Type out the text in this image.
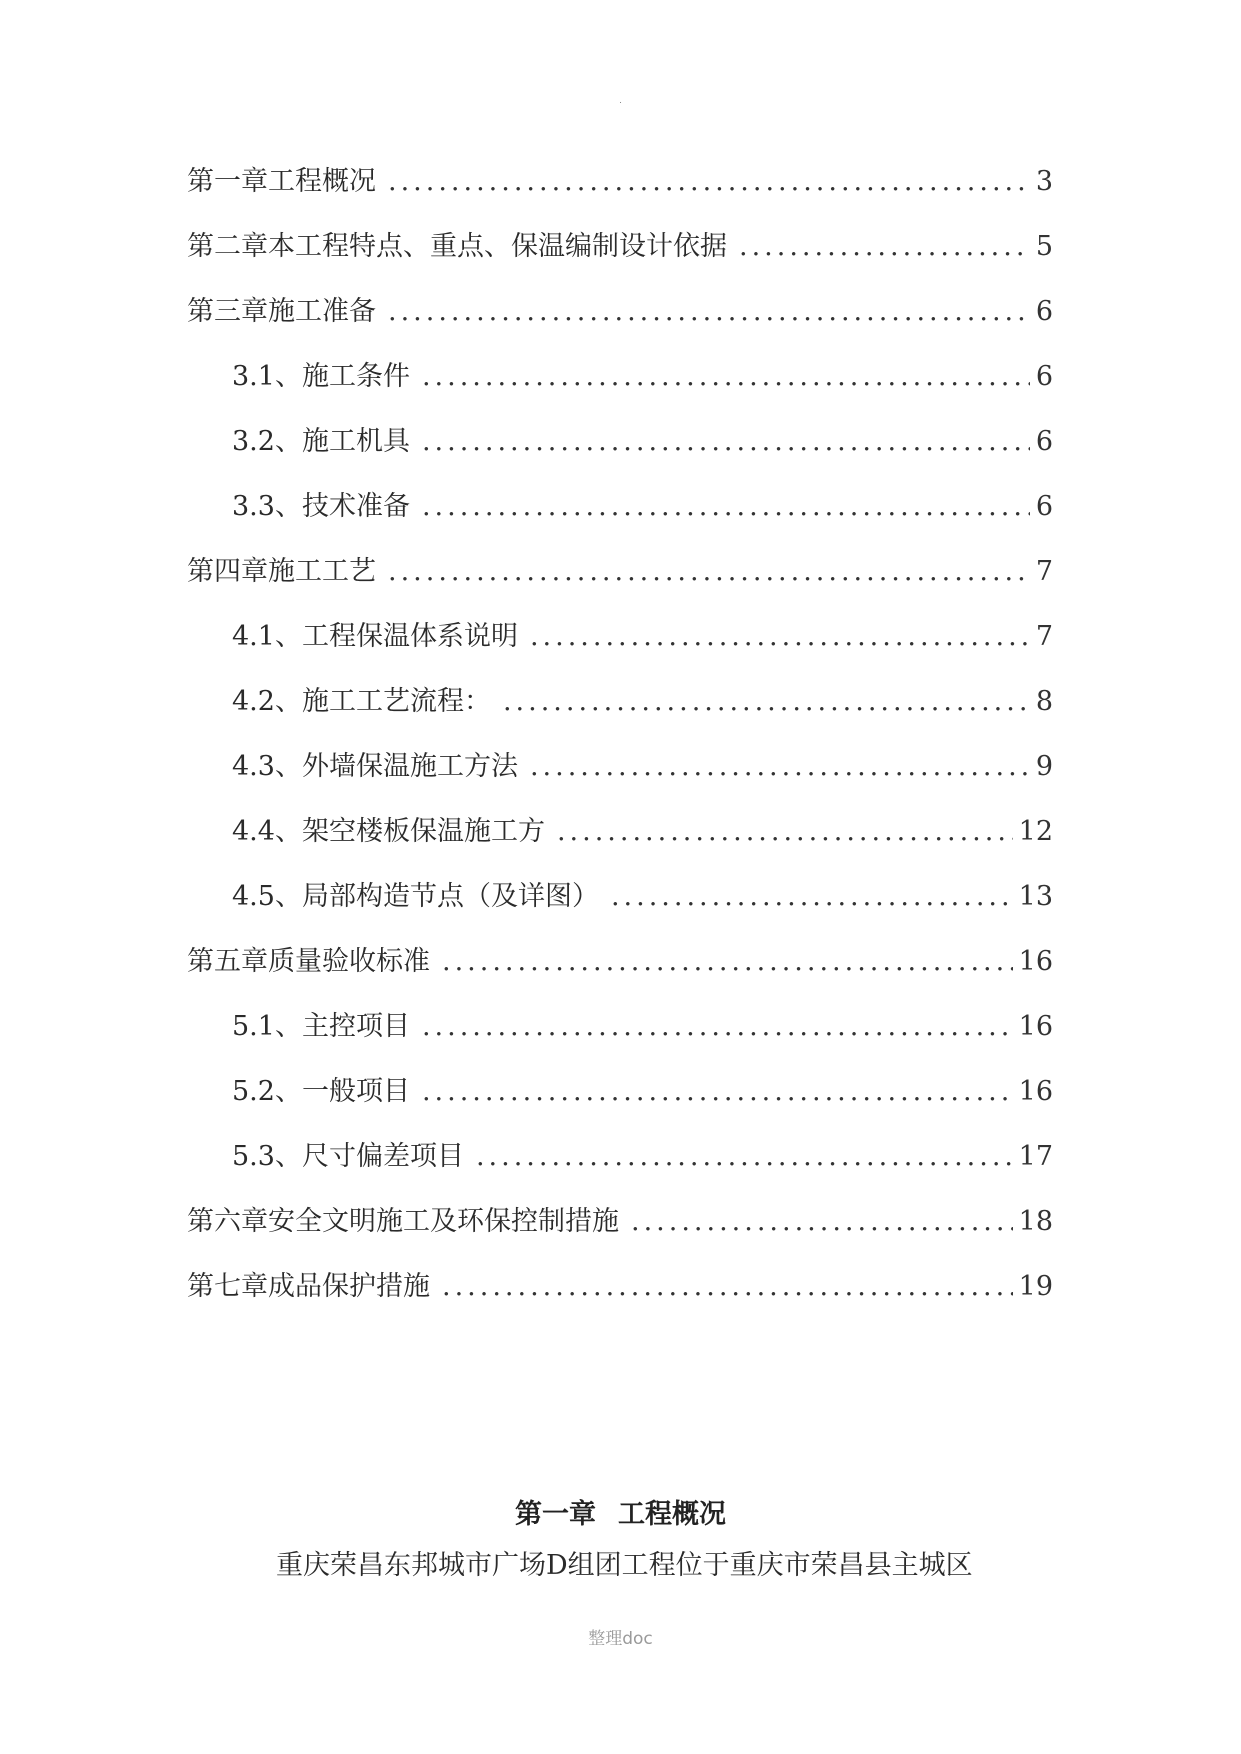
.
第一章 工程概况 .....	3
第二章 本工程特点、重点、保温编制设计依据 .....	5
第三章 施工准备 .....	6
3.1、 施工条件 .....	6
3.2、 施工机具 .....	6
3.3、 技术准备 .....	6
第四章 施工工艺 .....	7
4.1、 工程保温体系说明 .....	7
4.2、 施工工艺流程： .....	8
4.3、 外墙保温施工方法 .....	9
4.4、 架空楼板保温施工方 .....	12
4.5、 局部构造节点（及详图） .....	13
第五章 质量验收标准 .....	16
5.1、 主控项目 .....	16
5.2、 一般项目 .....	16
5.3、 尺寸偏差项目 .....	17
第六章 安全文明施工及环保控制措施 .....	18
第七章 成品保护措施 .....	19
第一章 工程概况
重庆荣昌东邦城市广场D组团工程位于重庆市荣昌县主城区
整理doc
